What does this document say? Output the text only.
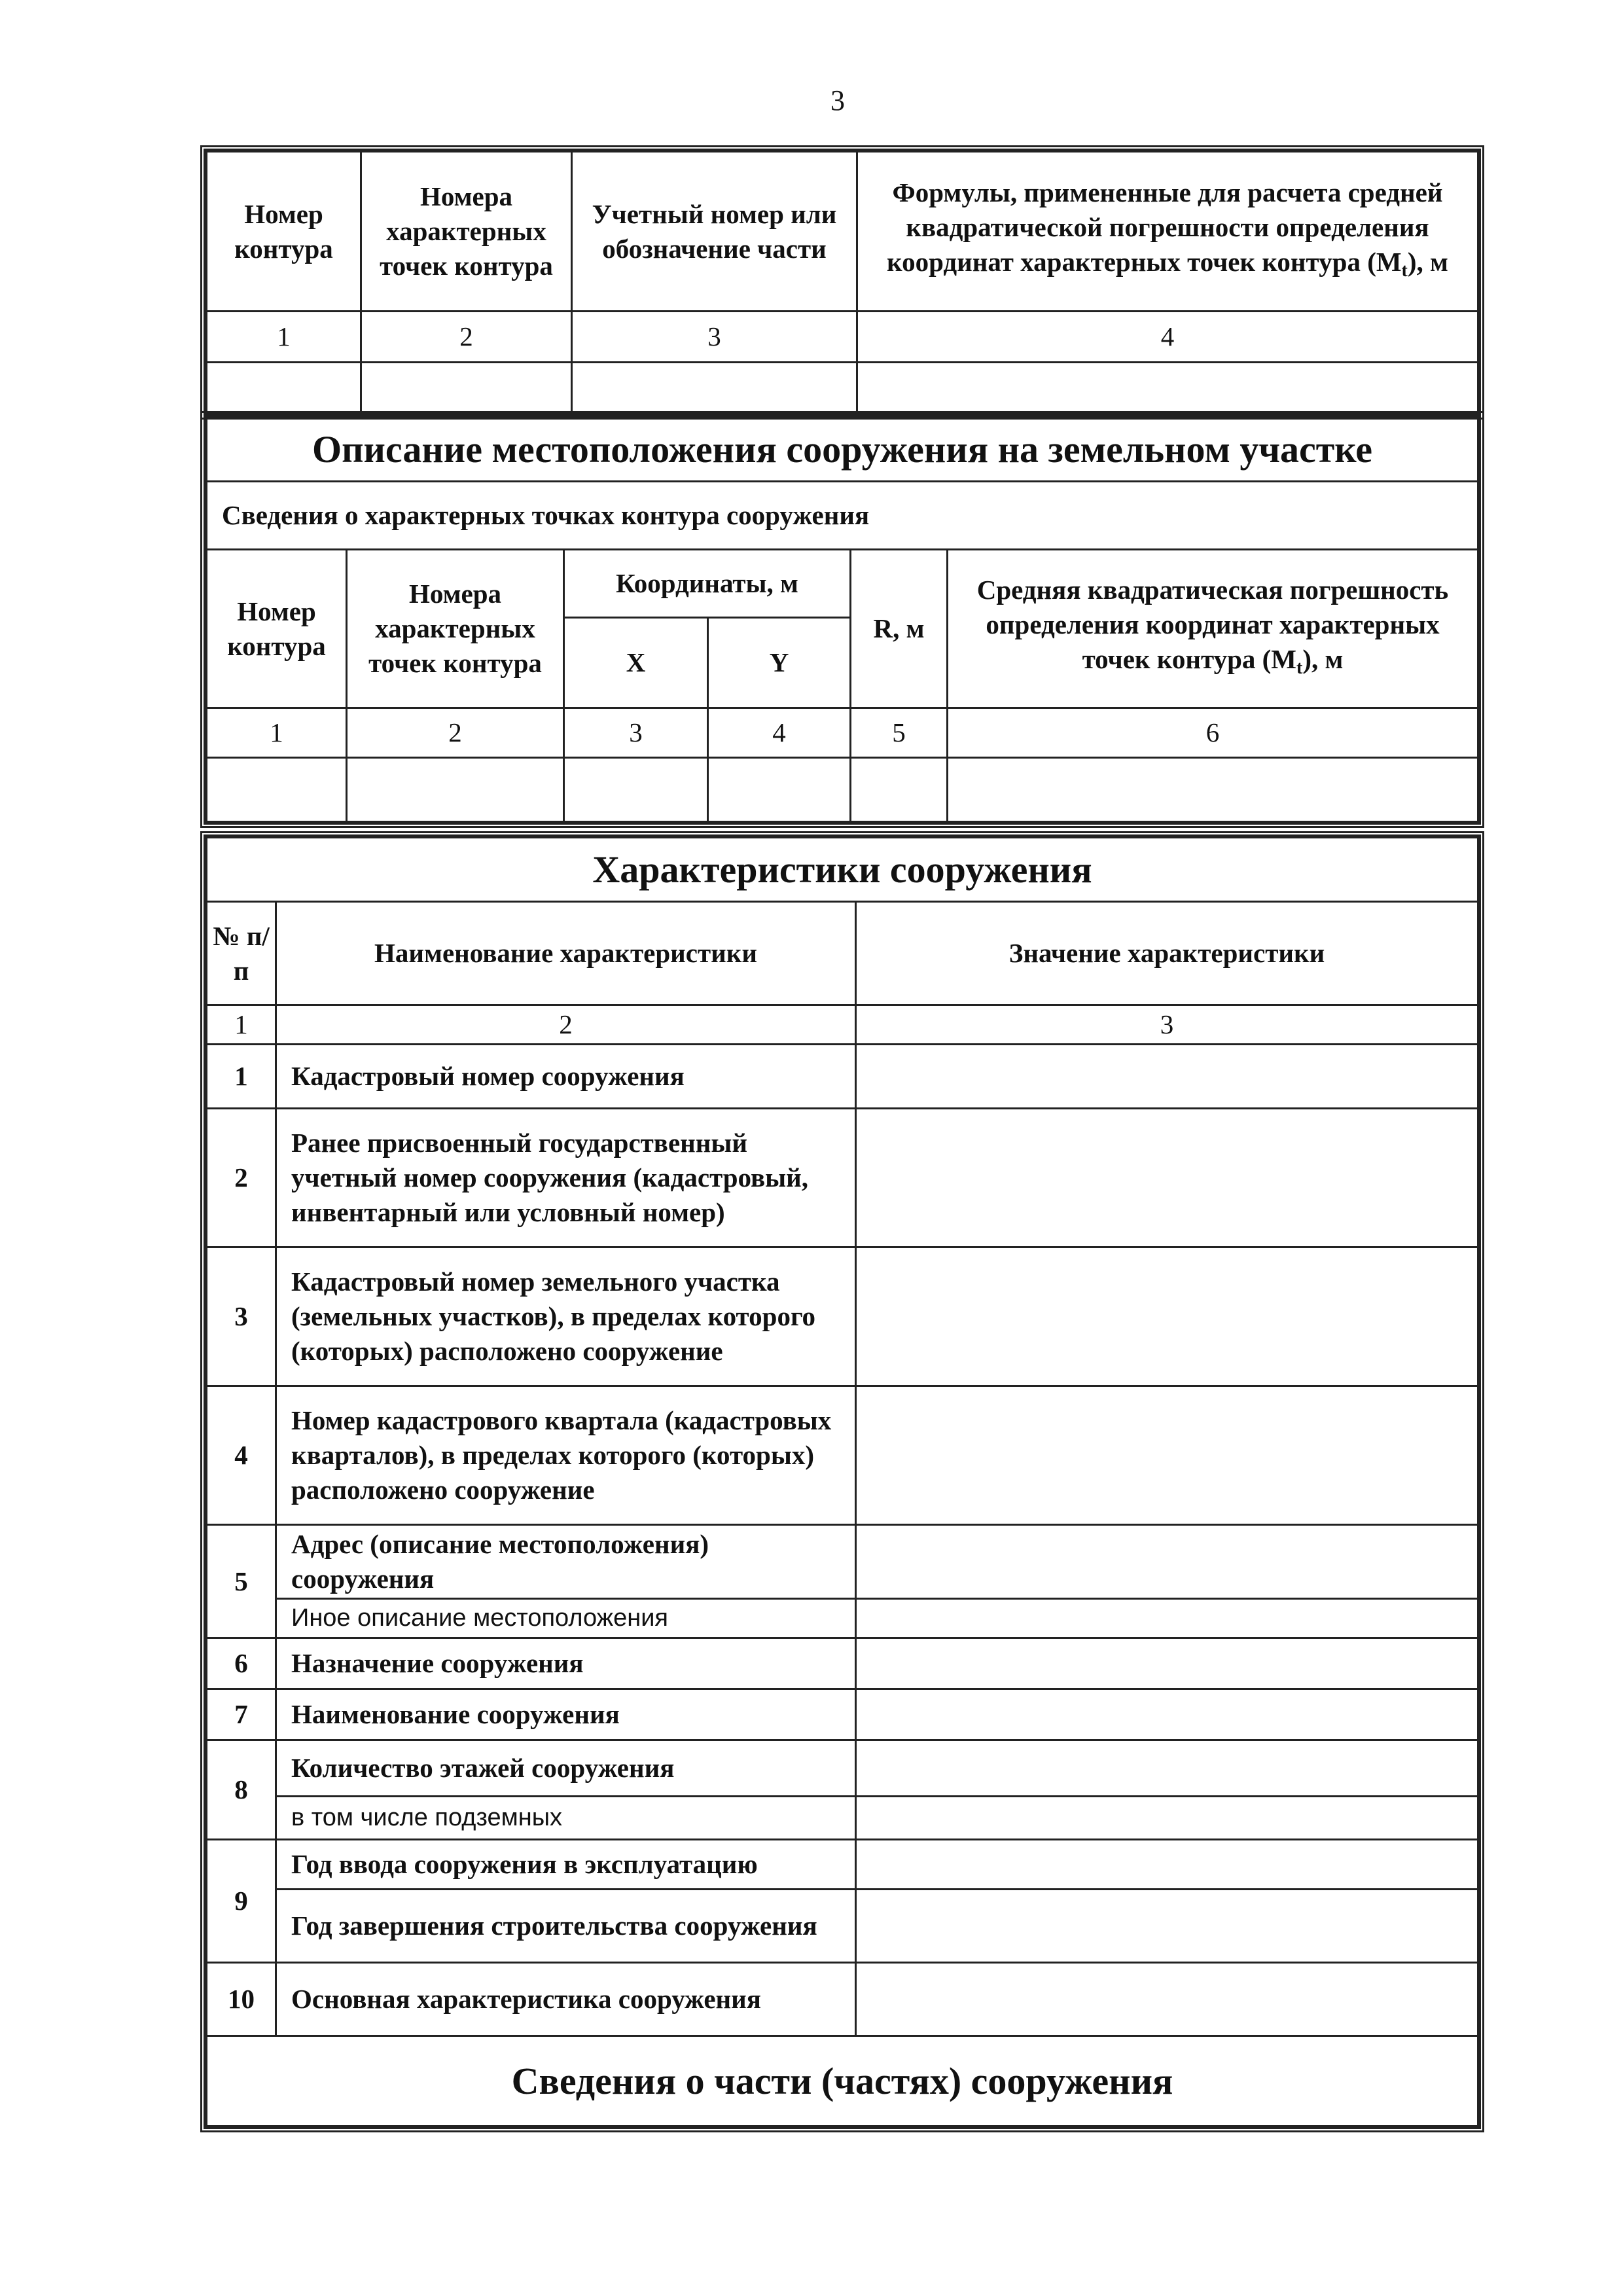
3
Номер контура	Номера характерных точек контура	Учетный номер или обозначение части	Формулы, примененные для расчета средней квадратической погрешности определения координат характерных точек контура $(M_t)$, м
1	2	3	4

Описание местоположения сооружения на земельном участке					
Сведения о характерных точках контура сооружения					
Номер контура	Номера характерных точек контура	Координаты, м		R, м	Средняя квадратическая погрешность определения координат характерных точек контура $(M_t)$, м
		X	Y		
1	2	3	4	5	6

Характеристики сооружения		
№ п/п	Наименование характеристики	Значение характеристики
1	2	3
1	Кадастровый номер сооружения	
2	Ранее присвоенный государственный учетный номер сооружения (кадастровый, инвентарный или условный номер)	
3	Кадастровый номер земельного участка (земельных участков), в пределах которого (которых) расположено сооружение	
4	Номер кадастрового квартала (кадастровых кварталов), в пределах которого (которых) расположено сооружение	
5	Адрес (описание местоположения) сооружения	
	Иное описание местоположения	
6	Назначение сооружения	
7	Наименование сооружения	
8	Количество этажей сооружения	
	в том числе подземных	
9	Год ввода сооружения в эксплуатацию	
	Год завершения строительства сооружения	
10	Основная характеристика сооружения	
Сведения о части (частях) сооружения		
